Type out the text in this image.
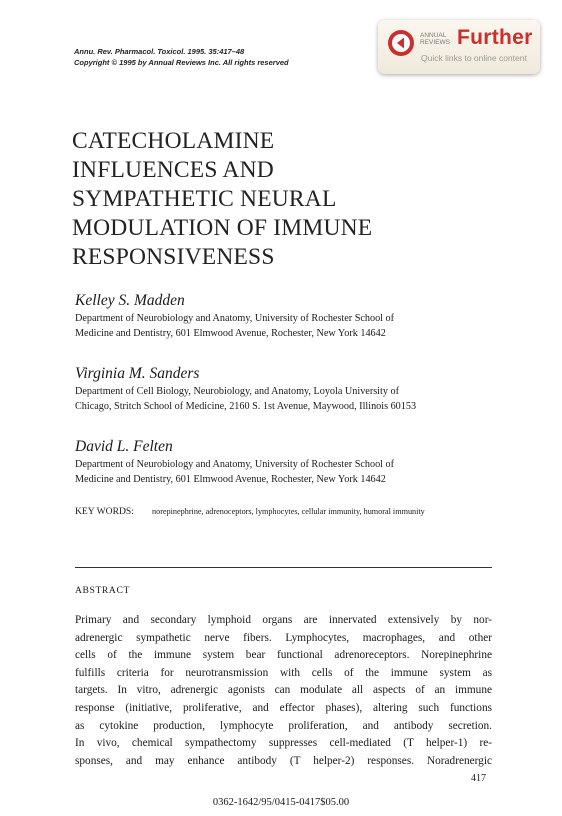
Annu. Rev. Pharmacol. Toxicol. 1995. 35:417–48
Copyright © 1995 by Annual Reviews Inc. All rights reserved
ANNUAL
REVIEWS Further
Quick links to online content
CATECHOLAMINE
INFLUENCES AND
SYMPATHETIC NEURAL
MODULATION OF IMMUNE
RESPONSIVENESS
Kelley S. Madden
Department of Neurobiology and Anatomy, University of Rochester School of
Medicine and Dentistry, 601 Elmwood Avenue, Rochester, New York 14642
Virginia M. Sanders
Department of Cell Biology, Neurobiology, and Anatomy, Loyola University of
Chicago, Stritch School of Medicine, 2160 S. 1st Avenue, Maywood, Illinois 60153
David L. Felten
Department of Neurobiology and Anatomy, University of Rochester School of
Medicine and Dentistry, 601 Elmwood Avenue, Rochester, New York 14642
KEY WORDS: norepinephrine, adrenoceptors, lymphocytes, cellular immunity, humoral immunity
ABSTRACT
Primary and secondary lymphoid organs are innervated extensively by nor-
adrenergic sympathetic nerve fibers. Lymphocytes, macrophages, and other
cells of the immune system bear functional adrenoreceptors. Norepinephrine
fulfills criteria for neurotransmission with cells of the immune system as
targets. In vitro, adrenergic agonists can modulate all aspects of an immune
response (initiative, proliferative, and effector phases), altering such functions
as cytokine production, lymphocyte proliferation, and antibody secretion.
In vivo, chemical sympathectomy suppresses cell-mediated (T helper-1) re-
sponses, and may enhance antibody (T helper-2) responses. Noradrenergic
417
0362-1642/95/0415-0417$05.00
